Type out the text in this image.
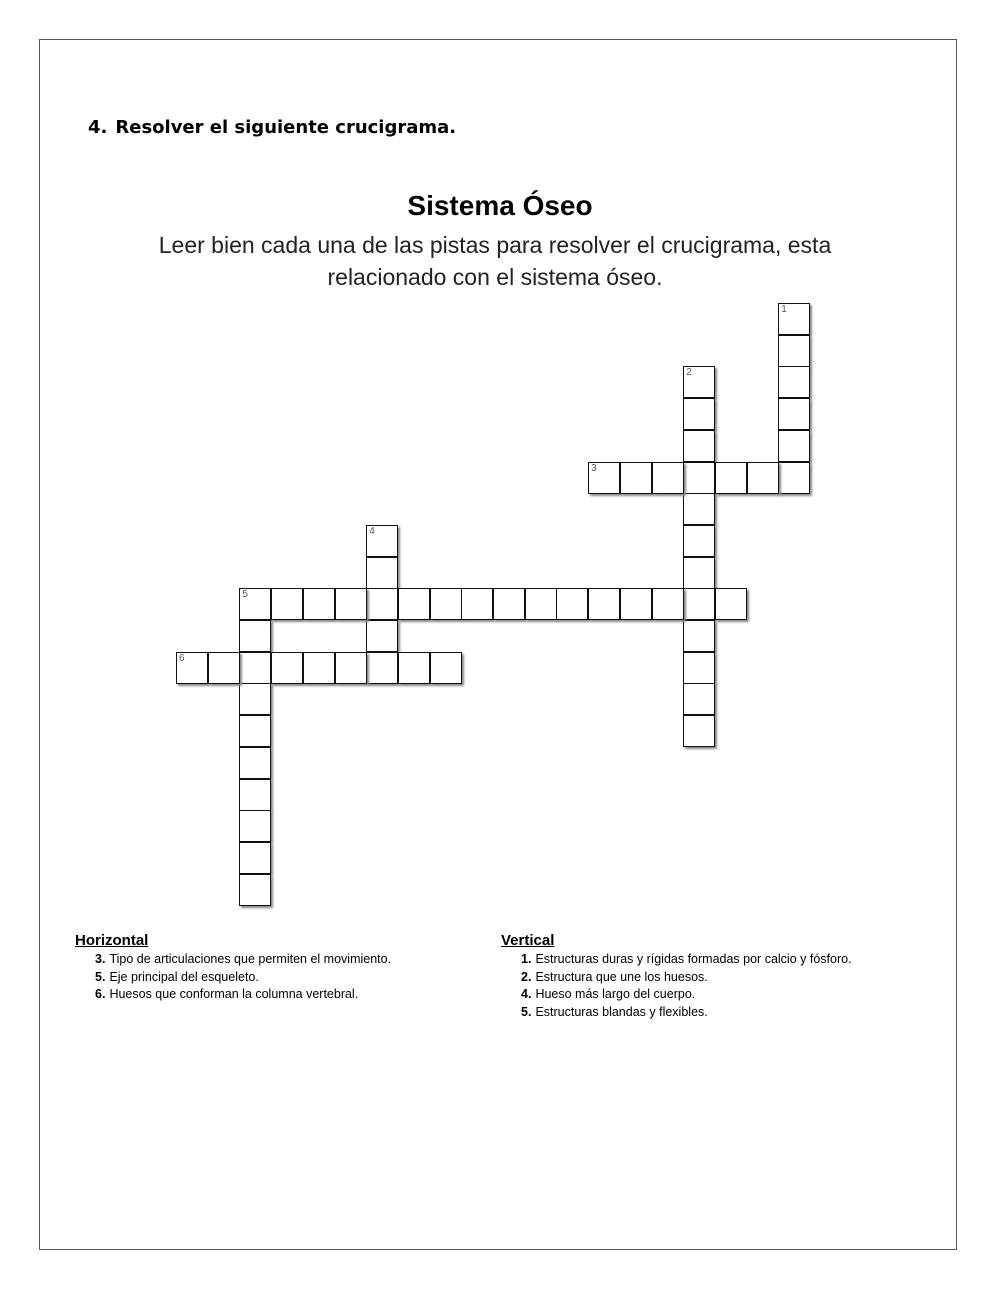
4. Resolver el siguiente crucigrama.
Sistema Óseo
Leer bien cada una de las pistas para resolver el crucigrama, esta relacionado con el sistema óseo.
1
2
3
4
5
6
Horizontal
3. Tipo de articulaciones que permiten el movimiento.
5. Eje principal del esqueleto.
6. Huesos que conforman la columna vertebral.
Vertical
1. Estructuras duras y rígidas formadas por calcio y fósforo.
2. Estructura que une los huesos.
4. Hueso más largo del cuerpo.
5. Estructuras blandas y flexibles.
